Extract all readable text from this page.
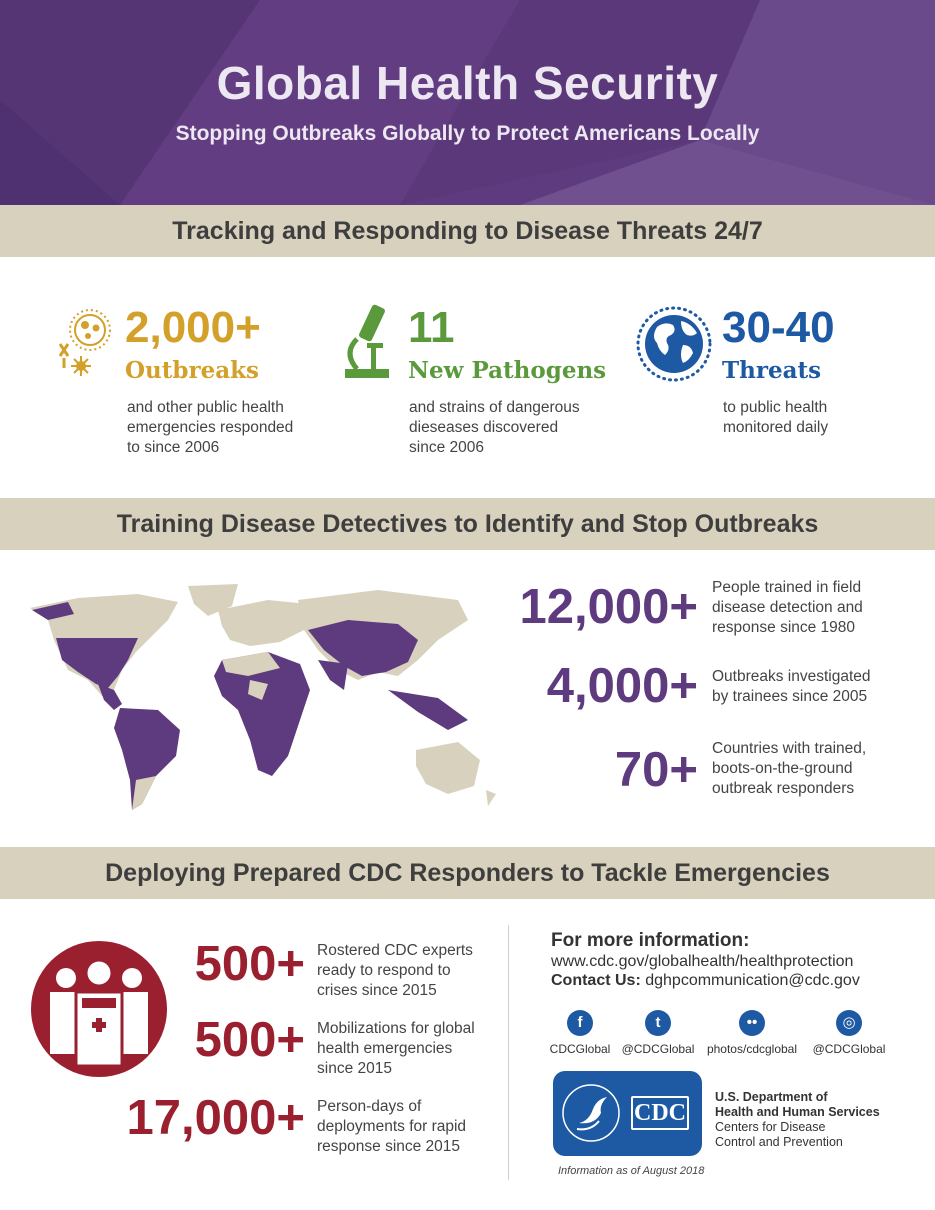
Global Health Security
Stopping Outbreaks Globally to Protect Americans Locally
Tracking and Responding to Disease Threats 24/7
2,000+
Outbreaks
and other public health
emergencies responded
to since 2006
11
New Pathogens
and strains of dangerous
dieseases discovered
since 2006
30-40
Threats
to public health
monitored daily
Training Disease Detectives to Identify and Stop Outbreaks
12,000+ People trained in field
disease detection and
response since 1980
4,000+ Outbreaks investigated
by trainees since 2005
70+ Countries with trained,
boots-on-the-ground
outbreak responders
Deploying Prepared CDC Responders to Tackle Emergencies
500+ Rostered CDC experts
ready to respond to
crises since 2015
500+ Mobilizations for global
health emergencies
since 2015
17,000+ Person-days of
deployments for rapid
response since 2015
For more information:
www.cdc.gov/globalhealth/healthprotection
Contact Us: dghpcommunication@cdc.gov
f
CDCGlobal
t
@CDCGlobal
••
photos/cdcglobal
◎
@CDCGlobal
CDC
U.S. Department of
Health and Human Services
Centers for Disease
Control and Prevention
Information as of August 2018
